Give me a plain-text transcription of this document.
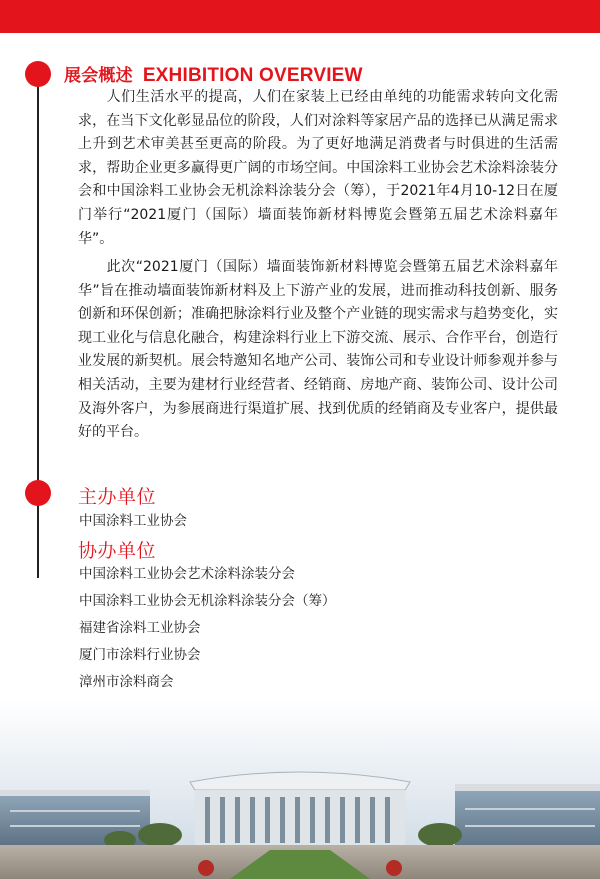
展会概述 EXHIBITION OVERVIEW

人们生活水平的提高，人们在家装上已经由单纯的功能需求转向文化需求，在当下文化彰显品位的阶段，人们对涂料等家居产品的选择已从满足需求上升到艺术审美甚至更高的阶段。为了更好地满足消费者与时俱进的生活需求，帮助企业更多赢得更广阔的市场空间。中国涂料工业协会艺术涂料涂装分会和中国涂料工业协会无机涂料涂装分会（筹），于2021年4月10-12日在厦门举行“2021厦门（国际）墙面装饰新材料博览会暨第五届艺术涂料嘉年华”。

此次“2021厦门（国际）墙面装饰新材料博览会暨第五届艺术涂料嘉年华”旨在推动墙面装饰新材料及上下游产业的发展，进而推动科技创新、服务创新和环保创新；准确把脉涂料行业及整个产业链的现实需求与趋势变化，实现工业化与信息化融合，构建涂料行业上下游交流、展示、合作平台，创造行业发展的新契机。展会特邀知名地产公司、装饰公司和专业设计师参观并参与相关活动，主要为建材行业经营者、经销商、房地产商、装饰公司、设计公司及海外客户，为参展商进行渠道扩展、找到优质的经销商及专业客户，提供最好的平台。

主办单位
中国涂料工业协会
协办单位
中国涂料工业协会艺术涂料涂装分会
中国涂料工业协会无机涂料涂装分会（筹）
福建省涂料工业协会
厦门市涂料行业协会
漳州市涂料商会
